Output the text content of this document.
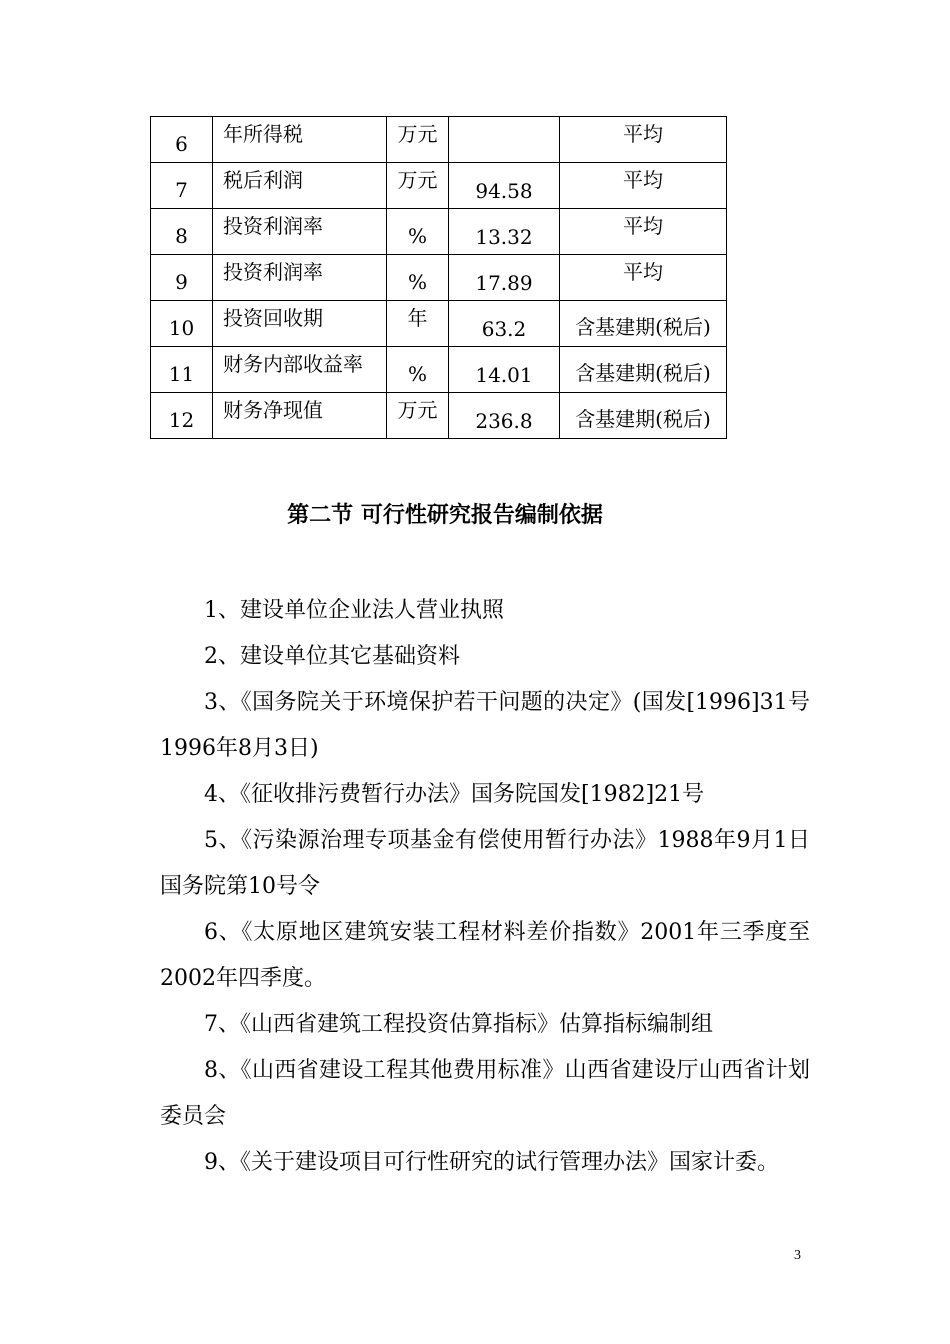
6	年所得税	万元		平均
7	税后利润	万元	94.58	平均
8	投资利润率	%	13.32	平均
9	投资利润率	%	17.89	平均
10	投资回收期	年	63.2	含基建期(税后)
11	财务内部收益率	%	14.01	含基建期(税后)
12	财务净现值	万元	236.8	含基建期(税后)
第二节 可行性研究报告编制依据

1、建设单位企业法人营业执照

2、建设单位其它基础资料

3、《国务院关于环境保护若干问题的决定》(国发[1996]31号 1996年8月3日)

4、《征收排污费暂行办法》国务院国发[1982]21号

5、《污染源治理专项基金有偿使用暂行办法》1988年9月1日国务院第10号令

6、《太原地区建筑安装工程材料差价指数》2001年三季度至2002年四季度。

7、《山西省建筑工程投资估算指标》估算指标编制组

8、《山西省建设工程其他费用标准》山西省建设厅山西省计划委员会

9、《关于建设项目可行性研究的试行管理办法》国家计委。

3
